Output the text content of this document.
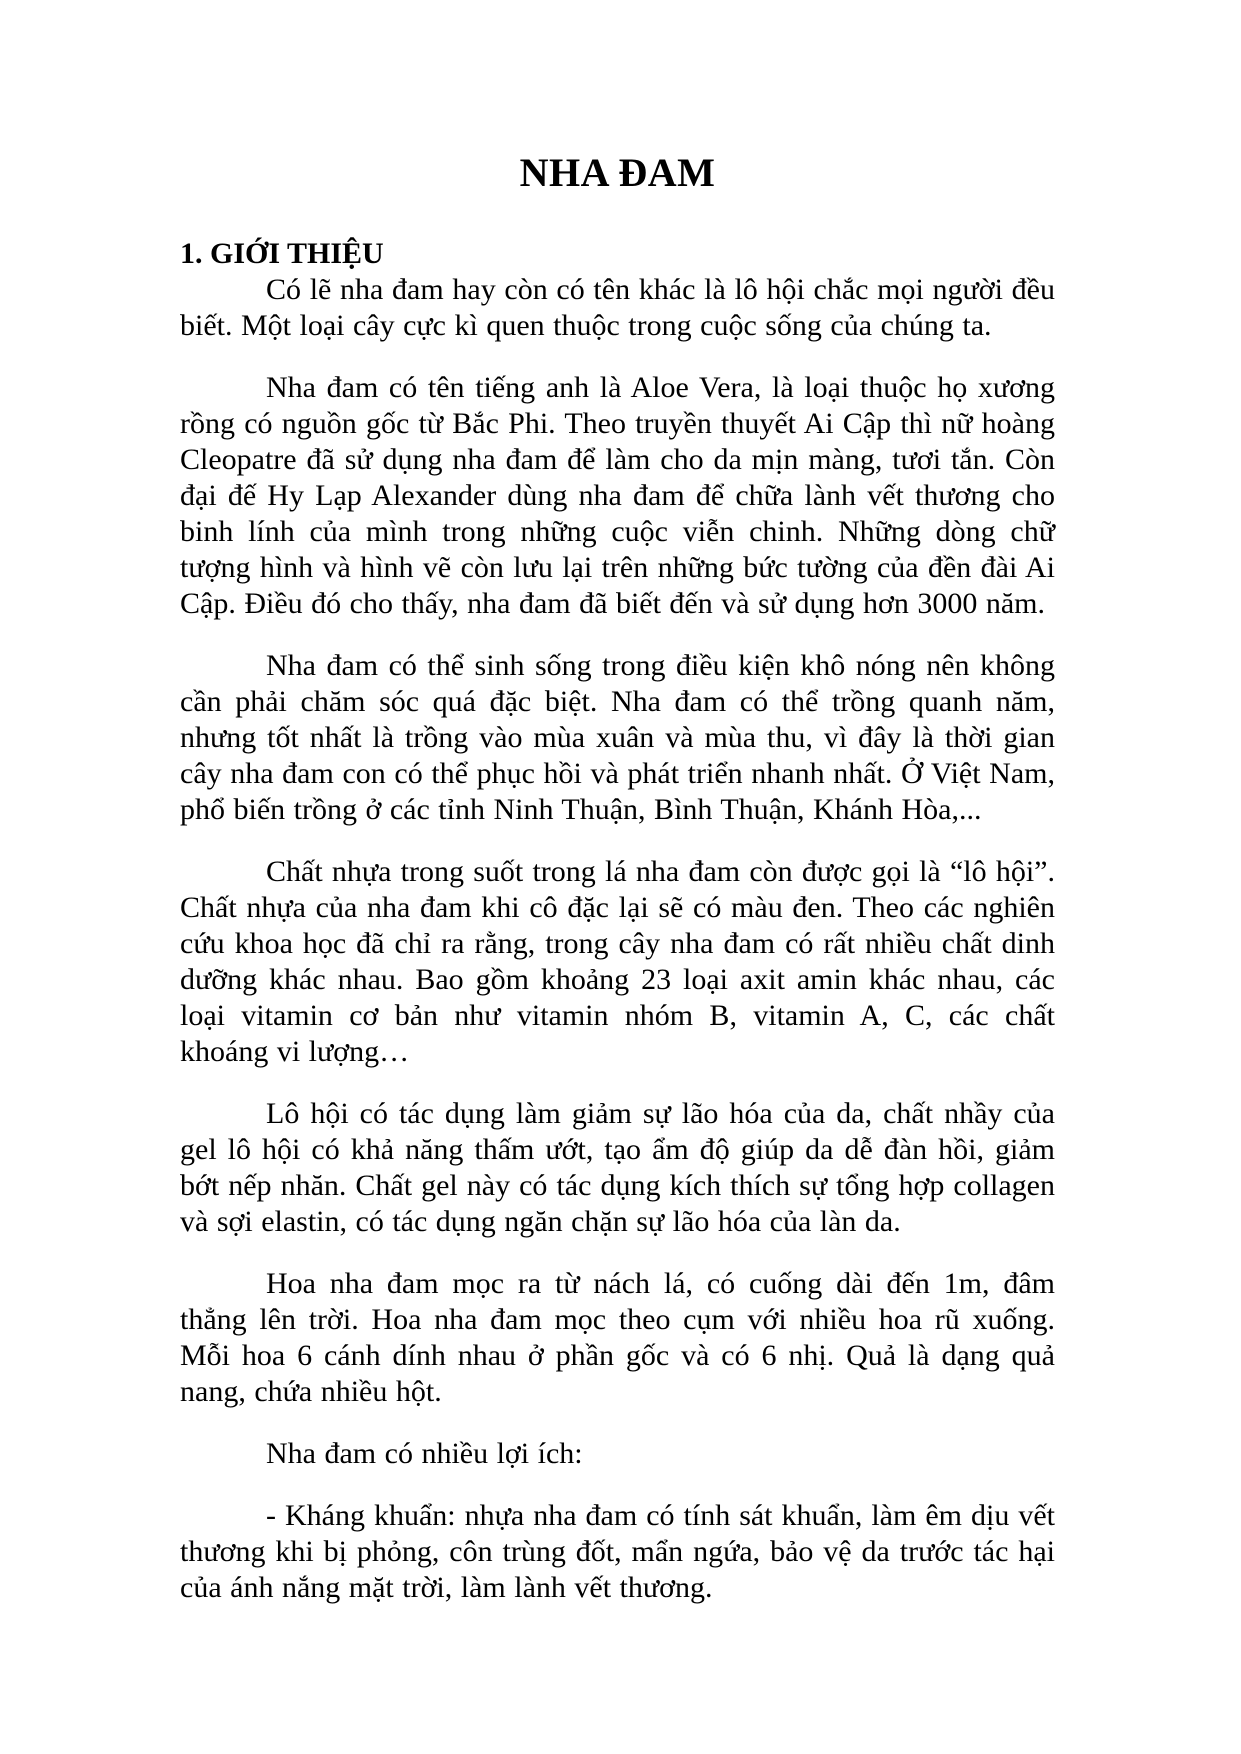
NHA ĐAM
1. GIỚI THIỆU

Có lẽ nha đam hay còn có tên khác là lô hội chắc mọi người đều biết. Một loại cây cực kì quen thuộc trong cuộc sống của chúng ta.

Nha đam có tên tiếng anh là Aloe Vera, là loại thuộc họ xương rồng có nguồn gốc từ Bắc Phi. Theo truyền thuyết Ai Cập thì nữ hoàng Cleopatre đã sử dụng nha đam để làm cho da mịn màng, tươi tắn. Còn đại đế Hy Lạp Alexander dùng nha đam để chữa lành vết thương cho binh lính của mình trong những cuộc viễn chinh. Những dòng chữ tượng hình và hình vẽ còn lưu lại trên những bức tường của đền đài Ai Cập. Điều đó cho thấy, nha đam đã biết đến và sử dụng hơn 3000 năm.

Nha đam có thể sinh sống trong điều kiện khô nóng nên không cần phải chăm sóc quá đặc biệt. Nha đam có thể trồng quanh năm, nhưng tốt nhất là trồng vào mùa xuân và mùa thu, vì đây là thời gian cây nha đam con có thể phục hồi và phát triển nhanh nhất. Ở Việt Nam, phổ biến trồng ở các tỉnh Ninh Thuận, Bình Thuận, Khánh Hòa,...

Chất nhựa trong suốt trong lá nha đam còn được gọi là “lô hội”. Chất nhựa của nha đam khi cô đặc lại sẽ có màu đen. Theo các nghiên cứu khoa học đã chỉ ra rằng, trong cây nha đam có rất nhiều chất dinh dưỡng khác nhau. Bao gồm khoảng 23 loại axit amin khác nhau, các loại vitamin cơ bản như vitamin nhóm B, vitamin A, C, các chất khoáng vi lượng…

Lô hội có tác dụng làm giảm sự lão hóa của da, chất nhầy của gel lô hội có khả năng thấm ướt, tạo ẩm độ giúp da dễ đàn hồi, giảm bớt nếp nhăn. Chất gel này có tác dụng kích thích sự tổng hợp collagen và sợi elastin, có tác dụng ngăn chặn sự lão hóa của làn da.

Hoa nha đam mọc ra từ nách lá, có cuống dài đến 1m, đâm thẳng lên trời. Hoa nha đam mọc theo cụm với nhiều hoa rũ xuống. Mỗi hoa 6 cánh dính nhau ở phần gốc và có 6 nhị. Quả là dạng quả nang, chứa nhiều hột.

Nha đam có nhiều lợi ích:

- Kháng khuẩn: nhựa nha đam có tính sát khuẩn, làm êm dịu vết thương khi bị phỏng, côn trùng đốt, mẩn ngứa, bảo vệ da trước tác hại của ánh nắng mặt trời, làm lành vết thương.
